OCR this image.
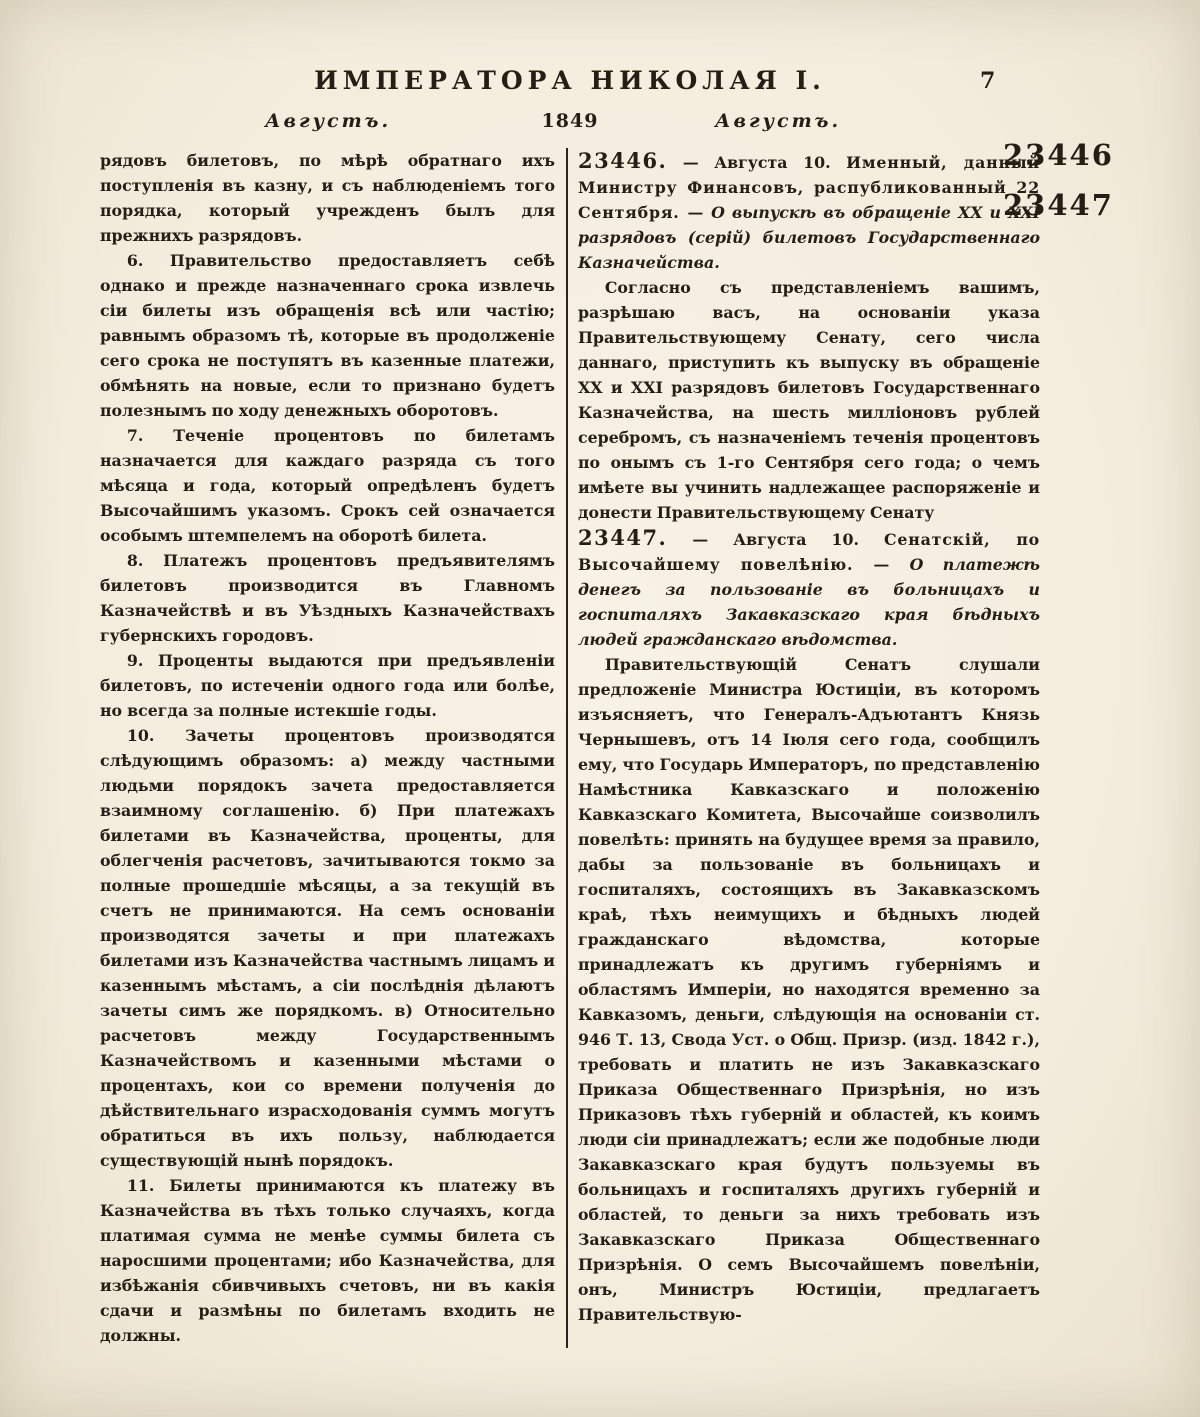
ИМПЕРАТОРА НИКОЛАЯ I.	7
Августъ.	1849	Августъ.

рядовъ билетовъ, по мѣрѣ обратнаго ихъ поступленія въ казну, и съ наблюденіемъ того порядка, который учрежденъ былъ для прежнихъ разрядовъ.

6. Правительство предоставляетъ себѣ однако и прежде назначеннаго срока извлечь сіи билеты изъ обращенія всѣ или частію; равнымъ образомъ тѣ, которые въ продолженіе сего срока не поступятъ въ казенные платежи, обмѣнять на новые, если то признано будетъ полезнымъ по ходу денежныхъ оборотовъ.

7. Теченіе процентовъ по билетамъ назначается для каждаго разряда съ того мѣсяца и года, который опредѣленъ будетъ Высочайшимъ указомъ. Срокъ сей означается особымъ штемпелемъ на оборотѣ билета.

8. Платежъ процентовъ предъявителямъ билетовъ производится въ Главномъ Казначействѣ и въ Уѣздныхъ Казначействахъ губернскихъ городовъ.

9. Проценты выдаются при предъявленіи билетовъ, по истеченіи одного года или болѣе, но всегда за полные истекшіе годы.

10. Зачеты процентовъ производятся слѣдующимъ образомъ: а) между частными людьми порядокъ зачета предоставляется взаимному соглашенію. б) При платежахъ билетами въ Казначейства, проценты, для облегченія расчетовъ, зачитываются токмо за полные прошедшіе мѣсяцы, а за текущій въ счетъ не принимаются. На семъ основаніи производятся зачеты и при платежахъ билетами изъ Казначейства частнымъ лицамъ и казеннымъ мѣстамъ, а сіи послѣднія дѣлаютъ зачеты симъ же порядкомъ. в) Относительно расчетовъ между Государственнымъ Казначействомъ и казенными мѣстами о процентахъ, кои со времени полученія до дѣйствительнаго израсходованія суммъ могутъ обратиться въ ихъ пользу, наблюдается существующій нынѣ порядокъ.

11. Билеты принимаются къ платежу въ Казначейства въ тѣхъ только случаяхъ, когда платимая сумма не менѣе суммы билета съ наросшими процентами; ибо Казначейства, для избѣжанія сбивчивыхъ счетовъ, ни въ какія сдачи и размѣны по билетамъ входить не должны.

23446. — Августа 10. Именный, данный Министру Финансовъ, распубликованный 22 Сентября. — О выпускѣ въ обращеніе XX и XXI разрядовъ (серій) билетовъ Государственнаго Казначейства.

Согласно съ представленіемъ вашимъ, разрѣшаю васъ, на основаніи указа Правительствующему Сенату, сего числа даннаго, приступить къ выпуску въ обращеніе XX и XXI разрядовъ билетовъ Государственнаго Казначейства, на шесть милліоновъ рублей серебромъ, съ назначеніемъ теченія процентовъ по онымъ съ 1-го Сентября сего года; о чемъ имѣете вы учинить надлежащее распоряженіе и донести Правительствующему Сенату

23447. — Августа 10. Сенатскій, по Высочайшему повелѣнію. — О платежѣ денегъ за пользованіе въ больницахъ и госпиталяхъ Закавказскаго края бѣдныхъ людей гражданскаго вѣдомства.

Правительствующій Сенатъ слушали предложеніе Министра Юстиціи, въ которомъ изъясняетъ, что Генералъ-Адъютантъ Князь Чернышевъ, отъ 14 Іюля сего года, сообщилъ ему, что Государь Императоръ, по представленію Намѣстника Кавказскаго и положенію Кавказскаго Комитета, Высочайше соизволилъ повелѣть: принять на будущее время за правило, дабы за пользованіе въ больницахъ и госпиталяхъ, состоящихъ въ Закавказскомъ краѣ, тѣхъ неимущихъ и бѣдныхъ людей гражданскаго вѣдомства, которые принадлежатъ къ другимъ губерніямъ и областямъ Имперіи, но находятся временно за Кавказомъ, деньги, слѣдующія на основаніи ст. 946 Т. 13, Свода Уст. о Общ. Призр. (изд. 1842 г.), требовать и платить не изъ Закавказскаго Приказа Общественнаго Призрѣнія, но изъ Приказовъ тѣхъ губерній и областей, къ коимъ люди сіи принадлежатъ; если же подобные люди Закавказскаго края будутъ пользуемы въ больницахъ и госпиталяхъ другихъ губерній и областей, то деньги за нихъ требовать изъ Закавказскаго Приказа Общественнаго Призрѣнія. О семъ Высочайшемъ повелѣніи, онъ, Министръ Юстиціи, предлагаетъ Правительствую-

23446
23447
